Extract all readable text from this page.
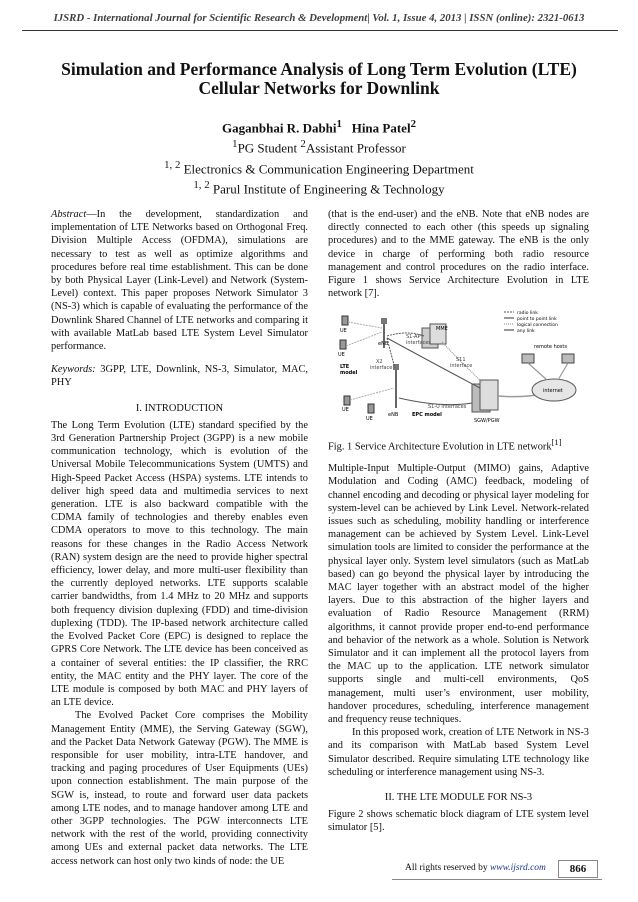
IJSRD - International Journal for Scientific Research & Development| Vol. 1, Issue 4, 2013 | ISSN (online): 2321-0613
Simulation and Performance Analysis of Long Term Evolution (LTE)
Cellular Networks for Downlink
Gaganbhai R. Dabhi$^1$ Hina Patel$^2$
$^1$PG Student $^2$Assistant Professor
$^{1, 2}$ Electronics & Communication Engineering Department
$^{1, 2}$ Parul Institute of Engineering & Technology

Abstract—In the development, standardization and implementation of LTE Networks based on Orthogonal Freq. Division Multiple Access (OFDMA), simulations are necessary to test as well as optimize algorithms and procedures before real time establishment. This can be done by both Physical Layer (Link-Level) and Network (System-Level) context. This paper proposes Network Simulator 3 (NS-3) which is capable of evaluating the performance of the Downlink Shared Channel of LTE networks and comparing it with available MatLab based LTE System Level Simulator performance.

Keywords: 3GPP, LTE, Downlink, NS-3, Simulator, MAC, PHY

I. INTRODUCTION

The Long Term Evolution (LTE) standard specified by the 3rd Generation Partnership Project (3GPP) is a new mobile communication technology, which is evolution of the Universal Mobile Telecommunications System (UMTS) and High-Speed Packet Access (HSPA) systems. LTE intends to deliver high speed data and multimedia services to next generation. LTE is also backward compatible with the CDMA family of technologies and thereby enables even CDMA operators to move to this technology. The main reasons for these changes in the Radio Access Network (RAN) system design are the need to provide higher spectral efficiency, lower delay, and more multi-user flexibility than the currently deployed networks. LTE supports scalable carrier bandwidths, from 1.4 MHz to 20 MHz and supports both frequency division duplexing (FDD) and time-division duplexing (TDD). The IP-based network architecture called the Evolved Packet Core (EPC) is designed to replace the GPRS Core Network. The LTE device has been conceived as a container of several entities: the IP classifier, the RRC entity, the MAC entity and the PHY layer. The core of the LTE module is composed by both MAC and PHY layers of an LTE device.

The Evolved Packet Core comprises the Mobility Management Entity (MME), the Serving Gateway (SGW), and the Packet Data Network Gateway (PGW). The MME is responsible for user mobility, intra-LTE handover, and tracking and paging procedures of User Equipments (UEs) upon connection establishment. The main purpose of the SGW is, instead, to route and forward user data packets among LTE nodes, and to manage handover among LTE and other 3GPP technologies. The PGW interconnects LTE network with the rest of the world, providing connectivity among UEs and external packet data networks. The LTE access network can host only two kinds of node: the UE

(that is the end-user) and the eNB. Note that eNB nodes are directly connected to each other (this speeds up signaling procedures) and to the MME gateway. The eNB is the only device in charge of performing both radio resource management and control procedures on the radio interface. Figure 1 shows Service Architecture Evolution in LTE network [7].

radio link
point to point link
logical connection
any link
MME
SGW/PGW
eNB
eNB
UE
UE
UE
UE
S1-AP
interfaces
X2
interface
S11
interface
LTE
model
S1-U interfaces
EPC model
internet
remote hosts

Fig. 1 Service Architecture Evolution in LTE network[1]

Multiple-Input Multiple-Output (MIMO) gains, Adaptive Modulation and Coding (AMC) feedback, modeling of channel encoding and decoding or physical layer modeling for system-level can be achieved by Link Level. Network-related issues such as scheduling, mobility handling or interference management can be achieved by System Level. Link-Level simulation tools are limited to consider the performance at the physical layer only. System level simulators (such as MatLab based) can go beyond the physical layer by introducing the MAC layer together with an abstract model of the higher layers. Due to this abstraction of the higher layers and evaluation of Radio Resource Management (RRM) algorithms, it cannot provide proper end-to-end performance and behavior of the network as a whole. Solution is Network Simulator and it can implement all the protocol layers from the MAC up to the application. LTE network simulator supports single and multi-cell environments, QoS management, multi user’s environment, user mobility, handover procedures, scheduling, interference management and frequency reuse techniques.

In this proposed work, creation of LTE Network in NS-3 and its comparison with MatLab based System Level Simulator described. Require simulating LTE technology like scheduling or interference management using NS-3.

II. THE LTE MODULE FOR NS-3

Figure 2 shows schematic block diagram of LTE system level simulator [5].

All rights reserved by www.ijsrd.com	866
